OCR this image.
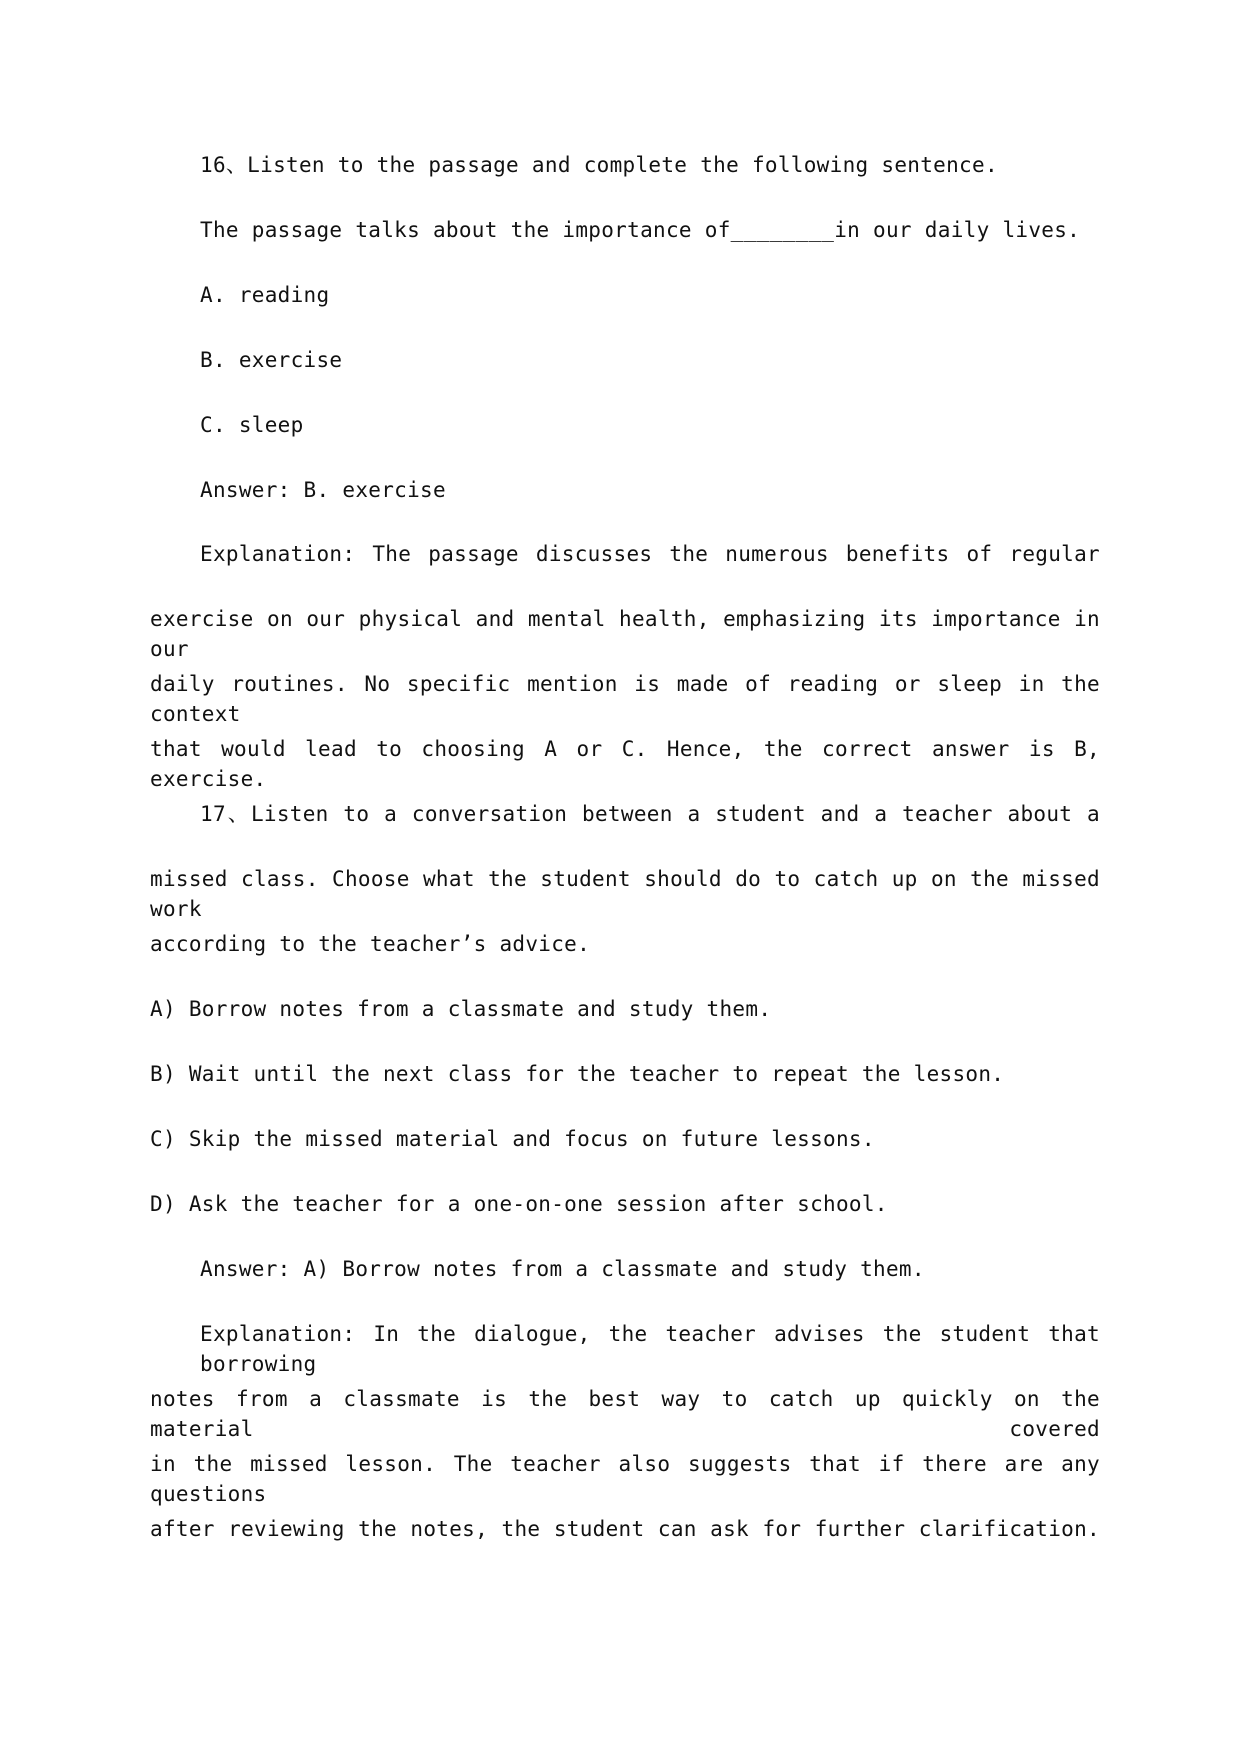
16、Listen to the passage and complete the following sentence.
The passage talks about the importance of________in our daily lives.
A. reading
B. exercise
C. sleep
Answer: B. exercise
Explanation: The passage discusses the numerous benefits of regular
exercise on our physical and mental health, emphasizing its importance in our
daily routines. No specific mention is made of reading or sleep in the context
that would lead to choosing A or C. Hence, the correct answer is B, exercise.
17、Listen to a conversation between a student and a teacher about a
missed class. Choose what the student should do to catch up on the missed work
according to the teacher’s advice.
A) Borrow notes from a classmate and study them.
B) Wait until the next class for the teacher to repeat the lesson.
C) Skip the missed material and focus on future lessons.
D) Ask the teacher for a one-on-one session after school.
Answer: A) Borrow notes from a classmate and study them.
Explanation: In the dialogue, the teacher advises the student that borrowing
notes from a classmate is the best way to catch up quickly on the material covered
in the missed lesson. The teacher also suggests that if there are any questions
after reviewing the notes, the student can ask for further clarification.
